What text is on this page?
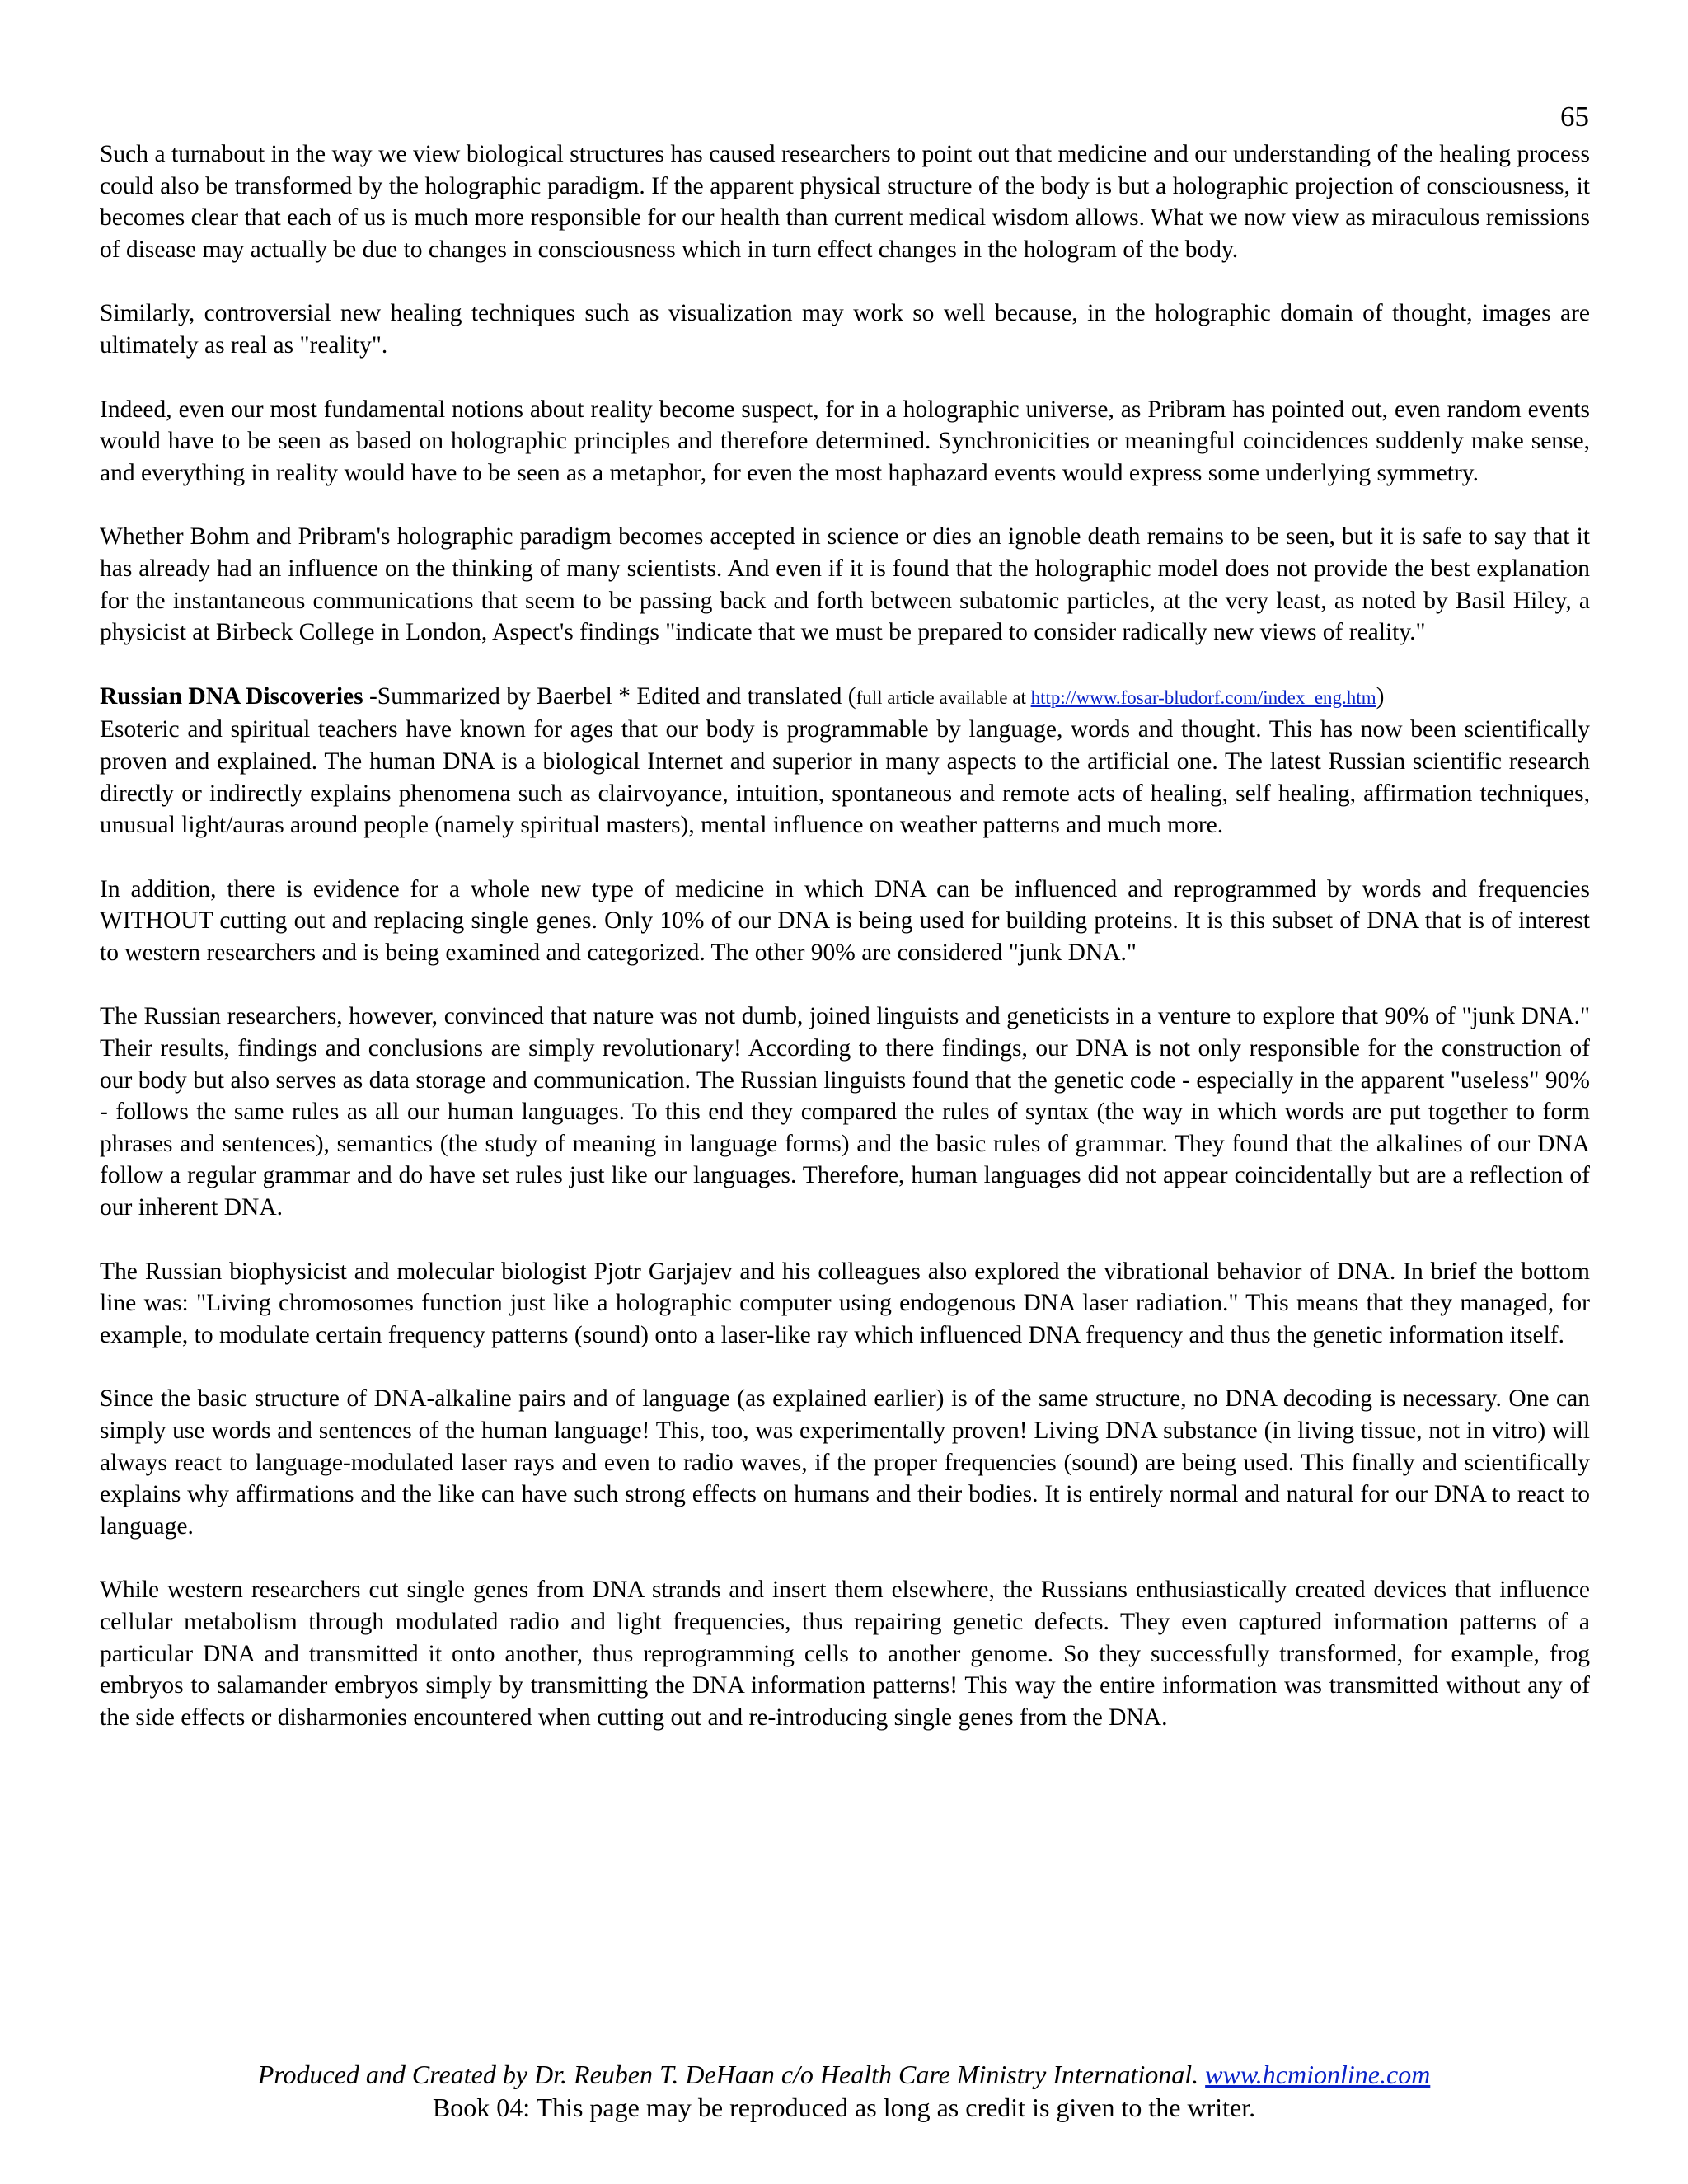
65

Such a turnabout in the way we view biological structures has caused researchers to point out that medicine and our understanding of the healing process could also be transformed by the holographic paradigm. If the apparent physical structure of the body is but a holographic projection of consciousness, it becomes clear that each of us is much more responsible for our health than current medical wisdom allows. What we now view as miraculous remissions of disease may actually be due to changes in consciousness which in turn effect changes in the hologram of the body.

Similarly, controversial new healing techniques such as visualization may work so well because, in the holographic domain of thought, images are ultimately as real as "reality".

Indeed, even our most fundamental notions about reality become suspect, for in a holographic universe, as Pribram has pointed out, even random events would have to be seen as based on holographic principles and therefore determined. Synchronicities or meaningful coincidences suddenly make sense, and everything in reality would have to be seen as a metaphor, for even the most haphazard events would express some underlying symmetry.

Whether Bohm and Pribram's holographic paradigm becomes accepted in science or dies an ignoble death remains to be seen, but it is safe to say that it has already had an influence on the thinking of many scientists. And even if it is found that the holographic model does not provide the best explanation for the instantaneous communications that seem to be passing back and forth between subatomic particles, at the very least, as noted by Basil Hiley, a physicist at Birbeck College in London, Aspect's findings "indicate that we must be prepared to consider radically new views of reality."

Russian DNA Discoveries -Summarized by Baerbel * Edited and translated (full article available at http://www.fosar-bludorf.com/index_eng.htm)
Esoteric and spiritual teachers have known for ages that our body is programmable by language, words and thought. This has now been scientifically proven and explained. The human DNA is a biological Internet and superior in many aspects to the artificial one. The latest Russian scientific research directly or indirectly explains phenomena such as clairvoyance, intuition, spontaneous and remote acts of healing, self healing, affirmation techniques, unusual light/auras around people (namely spiritual masters), mental influence on weather patterns and much more.

In addition, there is evidence for a whole new type of medicine in which DNA can be influenced and reprogrammed by words and frequencies WITHOUT cutting out and replacing single genes. Only 10% of our DNA is being used for building proteins. It is this subset of DNA that is of interest to western researchers and is being examined and categorized. The other 90% are considered "junk DNA."

The Russian researchers, however, convinced that nature was not dumb, joined linguists and geneticists in a venture to explore that 90% of "junk DNA." Their results, findings and conclusions are simply revolutionary! According to there findings, our DNA is not only responsible for the construction of our body but also serves as data storage and communication. The Russian linguists found that the genetic code - especially in the apparent "useless" 90% - follows the same rules as all our human languages. To this end they compared the rules of syntax (the way in which words are put together to form phrases and sentences), semantics (the study of meaning in language forms) and the basic rules of grammar. They found that the alkalines of our DNA follow a regular grammar and do have set rules just like our languages. Therefore, human languages did not appear coincidentally but are a reflection of our inherent DNA.

The Russian biophysicist and molecular biologist Pjotr Garjajev and his colleagues also explored the vibrational behavior of DNA. In brief the bottom line was: "Living chromosomes function just like a holographic computer using endogenous DNA laser radiation." This means that they managed, for example, to modulate certain frequency patterns (sound) onto a laser-like ray which influenced DNA frequency and thus the genetic information itself.

Since the basic structure of DNA-alkaline pairs and of language (as explained earlier) is of the same structure, no DNA decoding is necessary. One can simply use words and sentences of the human language! This, too, was experimentally proven! Living DNA substance (in living tissue, not in vitro) will always react to language-modulated laser rays and even to radio waves, if the proper frequencies (sound) are being used. This finally and scientifically explains why affirmations and the like can have such strong effects on humans and their bodies. It is entirely normal and natural for our DNA to react to language.

While western researchers cut single genes from DNA strands and insert them elsewhere, the Russians enthusiastically created devices that influence cellular metabolism through modulated radio and light frequencies, thus repairing genetic defects. They even captured information patterns of a particular DNA and transmitted it onto another, thus reprogramming cells to another genome. So they successfully transformed, for example, frog embryos to salamander embryos simply by transmitting the DNA information patterns! This way the entire information was transmitted without any of the side effects or disharmonies encountered when cutting out and re-introducing single genes from the DNA.

Produced and Created by Dr. Reuben T. DeHaan c/o Health Care Ministry International. www.hcmionline.com
Book 04: This page may be reproduced as long as credit is given to the writer.
